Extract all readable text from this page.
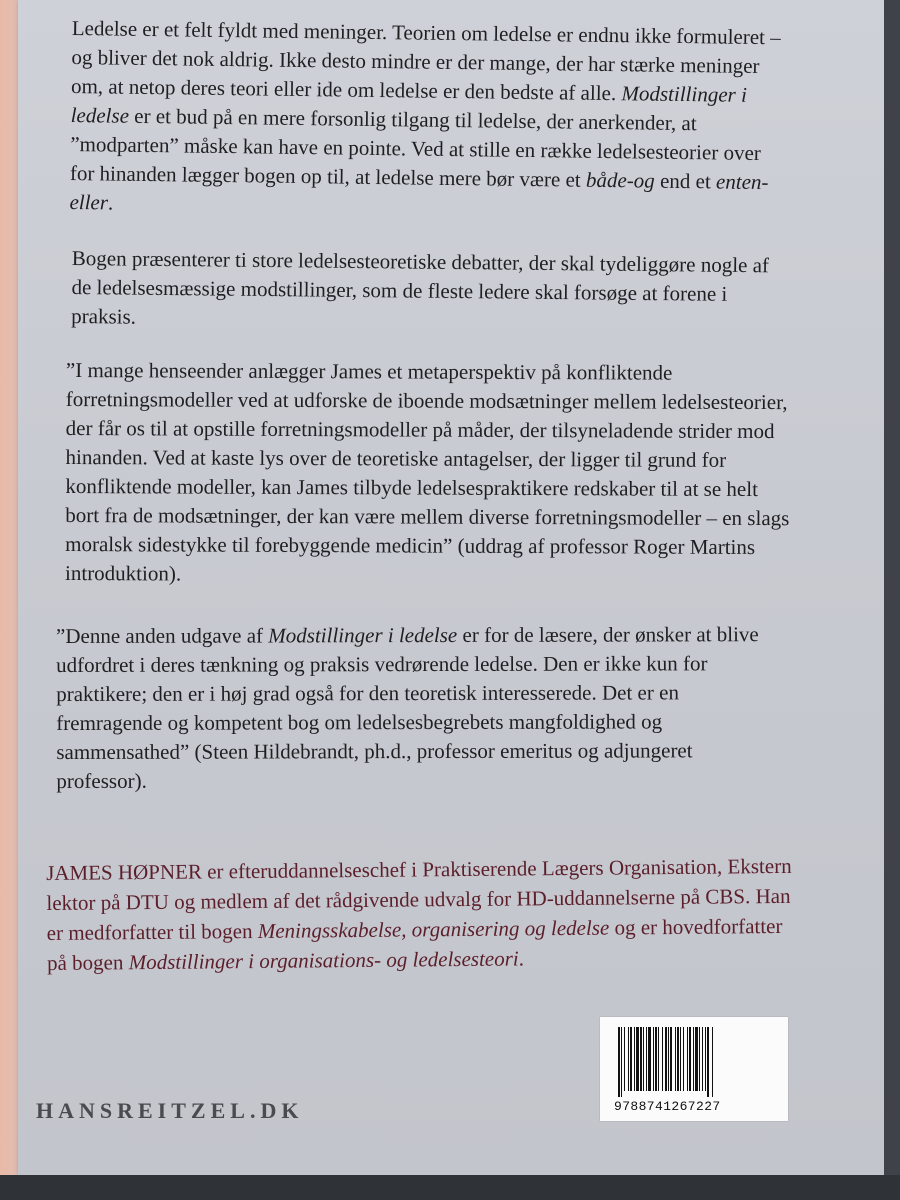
Ledelse er et felt fyldt med meninger. Teorien om ledelse er endnu ikke formuleret – og bliver det nok aldrig. Ikke desto mindre er der mange, der har stærke meninger om, at netop deres teori eller ide om ledelse er den bedste af alle. Modstillinger i ledelse er et bud på en mere forsonlig tilgang til ledelse, der anerkender, at ”modparten” måske kan have en pointe. Ved at stille en række ledelsesteorier over for hinanden lægger bogen op til, at ledelse mere bør være et både-og end et enten-eller.
Bogen præsenterer ti store ledelsesteoretiske debatter, der skal tydeliggøre nogle af de ledelsesmæssige modstillinger, som de fleste ledere skal forsøge at forene i praksis.
”I mange henseender anlægger James et metaperspektiv på konfliktende forretningsmodeller ved at udforske de iboende modsætninger mellem ledelsesteorier, der får os til at opstille forretningsmodeller på måder, der tilsyneladende strider mod hinanden. Ved at kaste lys over de teoretiske antagelser, der ligger til grund for konfliktende modeller, kan James tilbyde ledelsespraktikere redskaber til at se helt bort fra de modsætninger, der kan være mellem diverse forretningsmodeller – en slags moralsk sidestykke til forebyggende medicin” (uddrag af professor Roger Martins introduktion).
”Denne anden udgave af Modstillinger i ledelse er for de læsere, der ønsker at blive udfordret i deres tænkning og praksis vedrørende ledelse. Den er ikke kun for praktikere; den er i høj grad også for den teoretisk interesserede. Det er en fremragende og kompetent bog om ledelsesbegrebets mangfoldighed og sammensathed” (Steen Hildebrandt, ph.d., professor emeritus og adjungeret professor).
JAMES HØPNER er efteruddannelseschef i Praktiserende Lægers Organisation, Ekstern lektor på DTU og medlem af det rådgivende udvalg for HD-uddannelserne på CBS. Han er medforfatter til bogen Meningsskabelse, organisering og ledelse og er hovedforfatter på bogen Modstillinger i organisations- og ledelsesteori.
HANSREITZEL.DK	9788741267227
